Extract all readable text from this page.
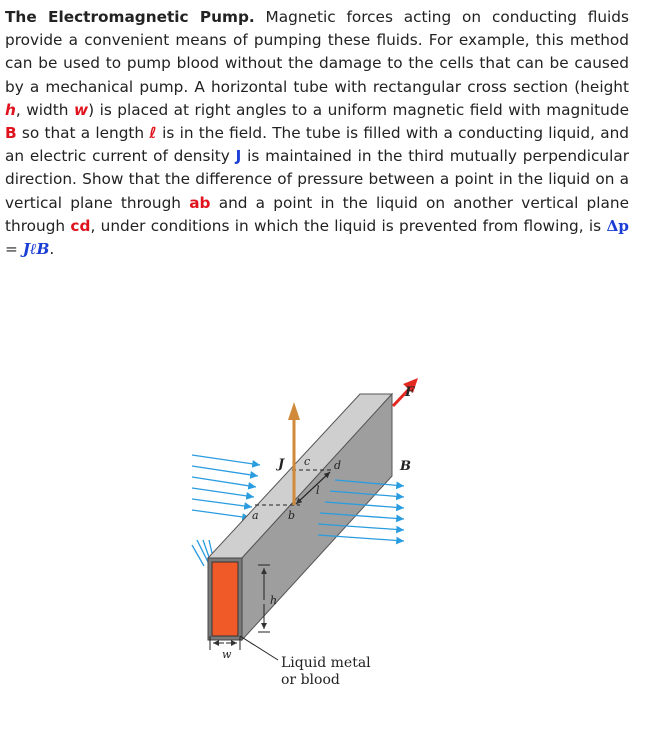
The Electromagnetic Pump. Magnetic forces acting on conducting fluids provide a convenient means of pumping these fluids. For example, this method can be used to pump blood without the damage to the cells that can be caused by a mechanical pump. A horizontal tube with rectangular cross section (height h, width w) is placed at right angles to a uniform magnetic field with magnitude B so that a length ℓ is in the field. The tube is filled with a conducting liquid, and an electric current of density J is maintained in the third mutually perpendicular direction. Show that the difference of pressure between a point in the liquid on a vertical plane through ab and a point in the liquid on another vertical plane through cd, under conditions in which the liquid is prevented from flowing, is Δp = JℓB.
F
J	B
a	b
c d
l
h
w
Liquid metal
or blood
